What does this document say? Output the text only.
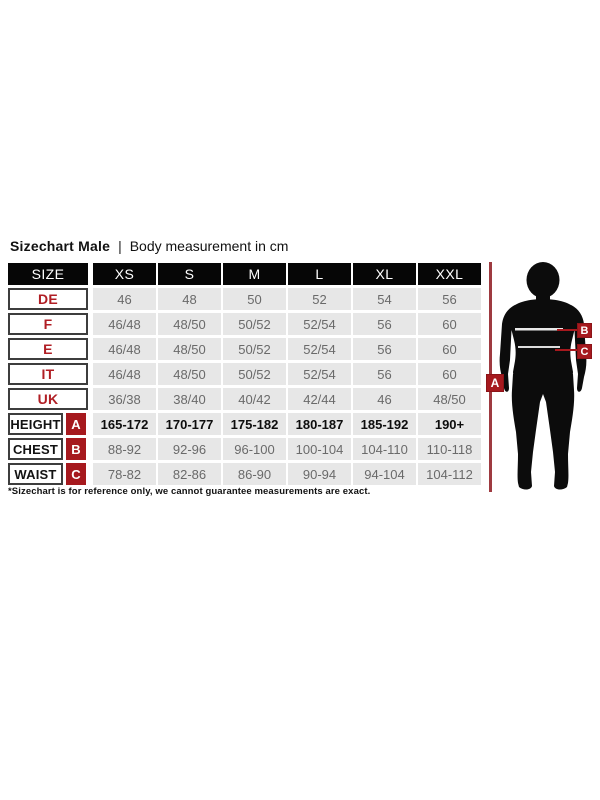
Sizechart Male | Body measurement in cm
SIZE	XS	S	M	L	XL	XXL
DE	46	48	50	52	54	56
F	46/48	48/50	50/52	52/54	56	60
E	46/48	48/50	50/52	52/54	56	60
IT	46/48	48/50	50/52	52/54	56	60
UK	36/38	38/40	40/42	42/44	46	48/50
HEIGHT A	165-172	170-177	175-182	180-187	185-192	190+
CHEST	B	88-92	92-96	96-100	100-104	104-110	110-118
WAIST	C	78-82	82-86	86-90	90-94	94-104	104-112
*Sizechart is for reference only, we cannot guarantee measurements are exact.
A
B
C
